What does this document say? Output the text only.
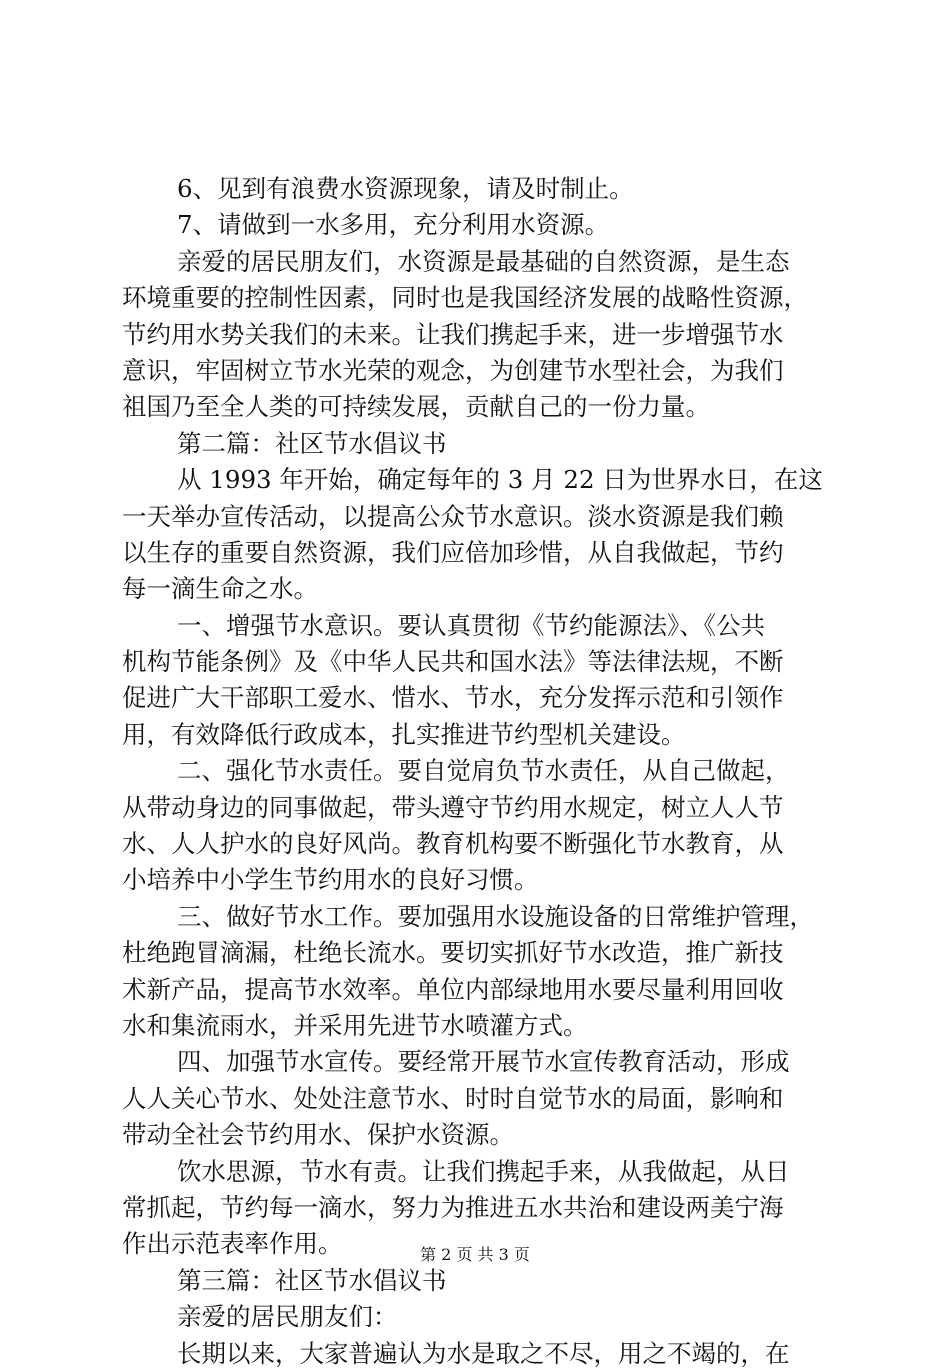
6、见到有浪费水资源现象，请及时制止。
7、请做到一水多用，充分利用水资源。
亲爱的居民朋友们，水资源是最基础的自然资源，是生态
环境重要的控制性因素，同时也是我国经济发展的战略性资源，
节约用水势关我们的未来。让我们携起手来，进一步增强节水
意识，牢固树立节水光荣的观念，为创建节水型社会，为我们
祖国乃至全人类的可持续发展，贡献自己的一份力量。
第二篇：社区节水倡议书
从 1993 年开始，确定每年的 3 月 22 日为世界水日，在这
一天举办宣传活动，以提高公众节水意识。淡水资源是我们赖
以生存的重要自然资源，我们应倍加珍惜，从自我做起，节约
每一滴生命之水。
一、增强节水意识。要认真贯彻《节约能源法》、《公共
机构节能条例》及《中华人民共和国水法》等法律法规，不断
促进广大干部职工爱水、惜水、节水，充分发挥示范和引领作
用，有效降低行政成本，扎实推进节约型机关建设。
二、强化节水责任。要自觉肩负节水责任，从自己做起，
从带动身边的同事做起，带头遵守节约用水规定，树立人人节
水、人人护水的良好风尚。教育机构要不断强化节水教育，从
小培养中小学生节约用水的良好习惯。
三、做好节水工作。要加强用水设施设备的日常维护管理，
杜绝跑冒滴漏，杜绝长流水。要切实抓好节水改造，推广新技
术新产品，提高节水效率。单位内部绿地用水要尽量利用回收
水和集流雨水，并采用先进节水喷灌方式。
四、加强节水宣传。要经常开展节水宣传教育活动，形成
人人关心节水、处处注意节水、时时自觉节水的局面，影响和
带动全社会节约用水、保护水资源。
饮水思源，节水有责。让我们携起手来，从我做起，从日
常抓起，节约每一滴水，努力为推进五水共治和建设两美宁海
作出示范表率作用。
第三篇：社区节水倡议书
亲爱的居民朋友们：
长期以来，大家普遍认为水是取之不尽，用之不竭的，在
第 2 页 共 3 页
